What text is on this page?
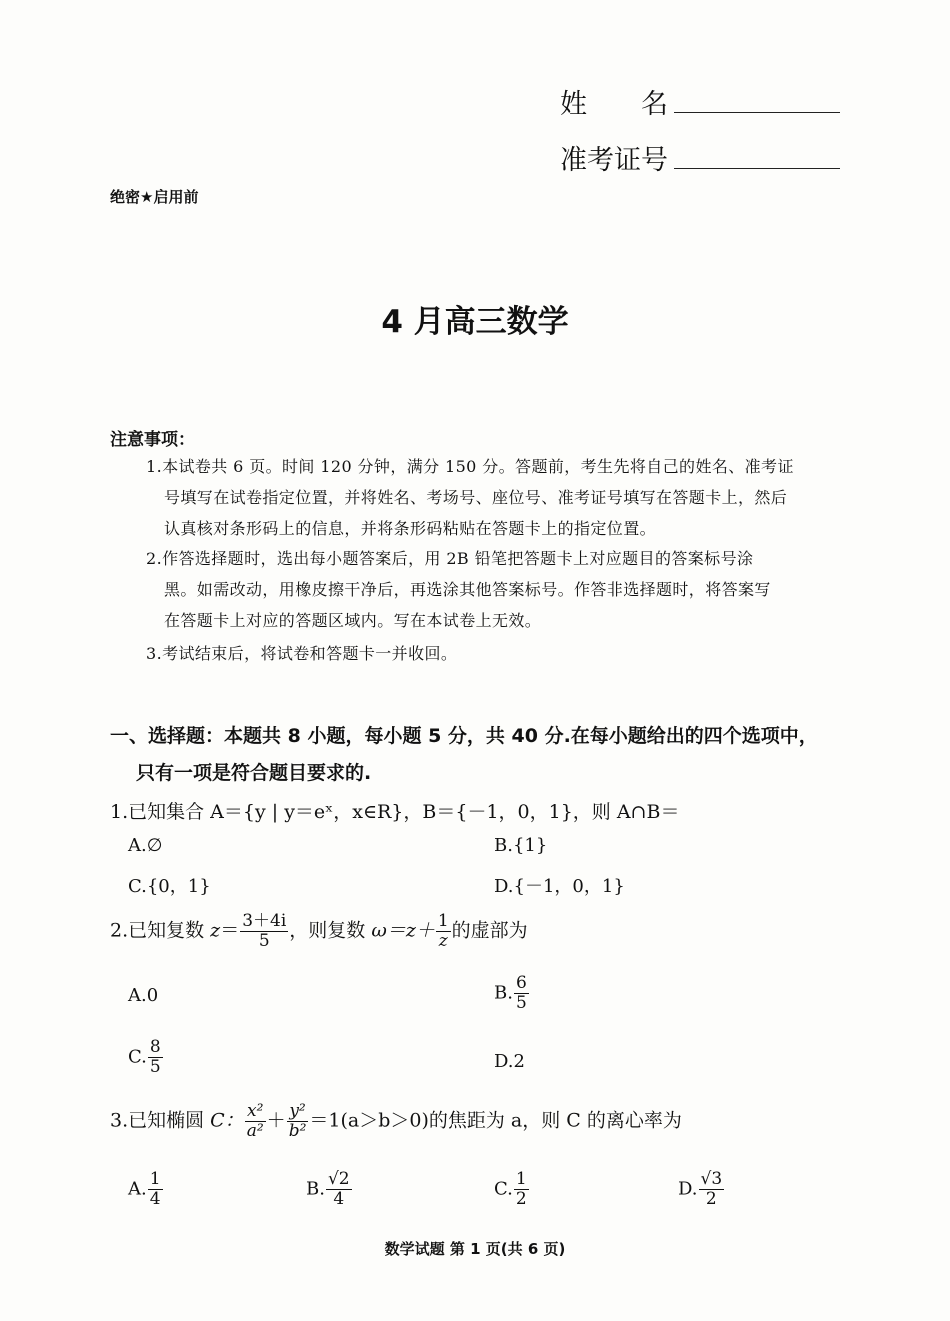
姓　　名
准考证号
绝密★启用前
4 月高三数学
注意事项：
1.本试卷共 6 页。时间 120 分钟，满分 150 分。答题前，考生先将自己的姓名、准考证
号填写在试卷指定位置，并将姓名、考场号、座位号、准考证号填写在答题卡上，然后
认真核对条形码上的信息，并将条形码粘贴在答题卡上的指定位置。
2.作答选择题时，选出每小题答案后，用 2B 铅笔把答题卡上对应题目的答案标号涂
黑。如需改动，用橡皮擦干净后，再选涂其他答案标号。作答非选择题时，将答案写
在答题卡上对应的答题区域内。写在本试卷上无效。
3.考试结束后，将试卷和答题卡一并收回。
一、选择题：本题共 8 小题，每小题 5 分，共 40 分.在每小题给出的四个选项中，
只有一项是符合题目要求的.
1.已知集合 A＝{y | y＝eˣ，x∈R}，B＝{－1，0，1}，则 A∩B＝
A.∅	B.{1}
C.{0，1}	D.{－1，0，1}
2.已知复数 $z= \frac{3+4i}{5}$ ，则复数 $\omega=z+ \frac{1}{z}$ 的虚部为
A.0	B. $\frac{6}{5}$
C. $\frac{8}{5}$	D.2
3.已知椭圆 C： $\frac{\text{x²}}{\text{a²}} + \frac{\text{y²}}{\text{b²}} =1(a>b>0)$的焦距为 a，则 C 的离心率为
A. $\frac{1}{4}$	B. $\frac{√2}{4}$	C. $\frac{1}{2}$	D. $\frac{√3}{2}$
数学试题 第 1 页(共 6 页)
